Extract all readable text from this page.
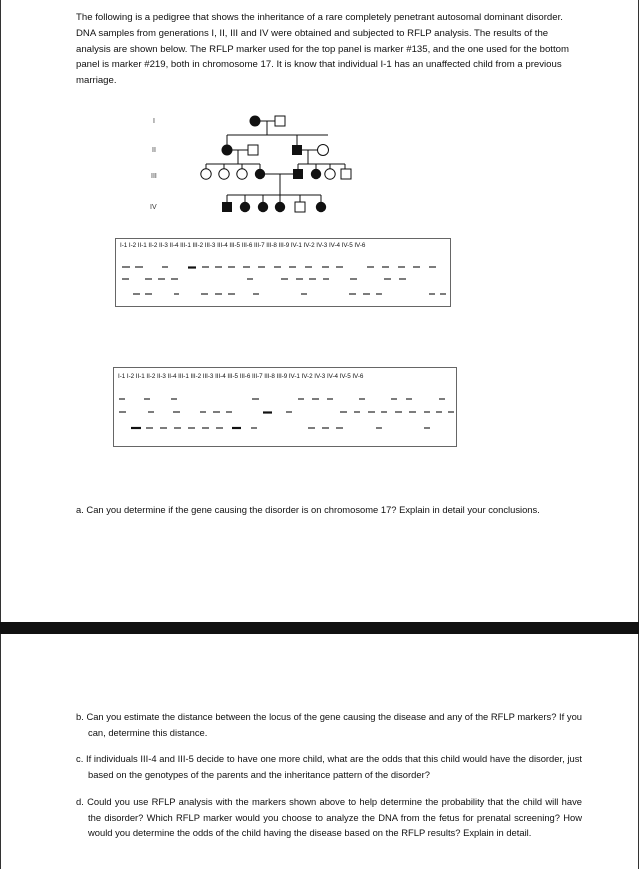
The following is a pedigree that shows the inheritance of a rare completely penetrant autosomal dominant disorder. DNA samples from generations I, II, III and IV were obtained and subjected to RFLP analysis. The results of the analysis are shown below. The RFLP marker used for the top panel is marker #135, and the one used for the bottom panel is marker #219, both in chromosome 17. It is know that individual I-1 has an unaffected child from a previous marriage.

I
II
III
IV
I-1 I-2 II-1 II-2 II-3 II-4 III-1 III-2 III-3 III-4 III-5 III-6 III-7 III-8 III-9 IV-1 IV-2 IV-3 IV-4 IV-5 IV-6
I-1 I-2 II-1 II-2 II-3 II-4 III-1 III-2 III-3 III-4 III-5 III-6 III-7 III-8 III-9 IV-1 IV-2 IV-3 IV-4 IV-5 IV-6

a. Can you determine if the gene causing the disorder is on chromosome 17? Explain in detail your conclusions.

b. Can you estimate the distance between the locus of the gene causing the disease and any of the RFLP markers? If you can, determine this distance.

c. If individuals III-4 and III-5 decide to have one more child, what are the odds that this child would have the disorder, just based on the genotypes of the parents and the inheritance pattern of the disorder?

d. Could you use RFLP analysis with the markers shown above to help determine the probability that the child will have the disorder? Which RFLP marker would you choose to analyze the DNA from the fetus for prenatal screening? How would you determine the odds of the child having the disease based on the RFLP results? Explain in detail.
